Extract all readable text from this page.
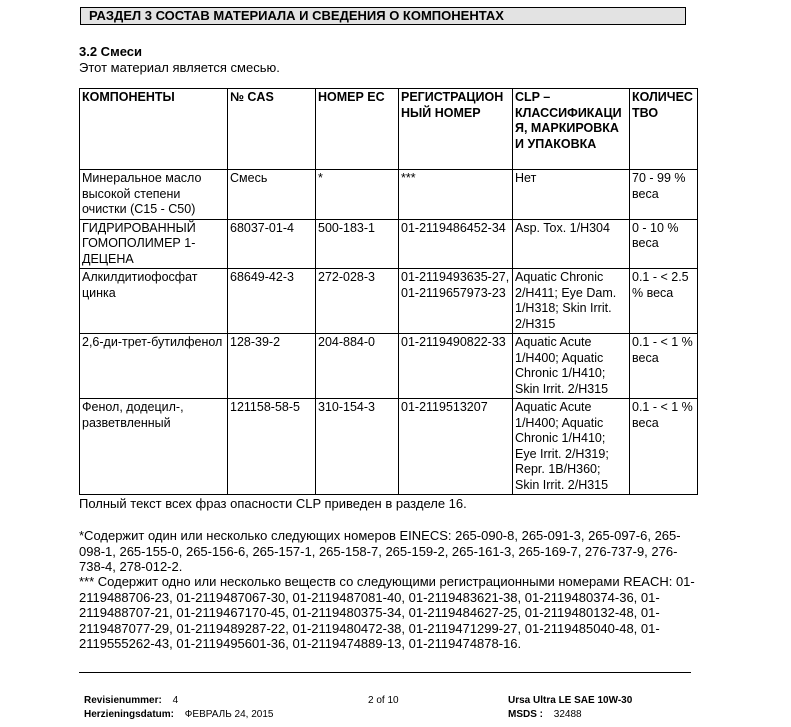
РАЗДЕЛ 3 СОСТАВ МАТЕРИАЛА И СВЕДЕНИЯ О КОМПОНЕНТАХ
3.2 Смеси
Этот материал является смесью.
КОМПОНЕНТЫ	№ CAS	НОМЕР ЕС	РЕГИСТРАЦИОННЫЙ НОМЕР	CLP – КЛАССИФИКАЦИЯ, МАРКИРОВКА И УПАКОВКА	КОЛИЧЕСТВО
Минеральное масло высокой степени очистки (C15 - C50)	Смесь	*	***	Нет	70 - 99 % веса
ГИДРИРОВАННЫЙ ГОМОПОЛИМЕР 1-ДЕЦЕНА	68037-01-4	500-183-1	01-2119486452-34	Asp. Tox. 1/H304	0 - 10 % веса
Алкилдитиофосфат цинка	68649-42-3	272-028-3	01-2119493635-27, 01-2119657973-23	Aquatic Chronic 2/H411; Eye Dam. 1/H318; Skin Irrit. 2/H315	0.1 - < 2.5 % веса
2,6-ди-трет-бутилфенол	128-39-2	204-884-0	01-2119490822-33	Aquatic Acute 1/H400; Aquatic Chronic 1/H410; Skin Irrit. 2/H315	0.1 - < 1 % веса
Фенол, додецил-, разветвленный	121158-58-5	310-154-3	01-2119513207	Aquatic Acute 1/H400; Aquatic Chronic 1/H410; Eye Irrit. 2/H319; Repr. 1B/H360; Skin Irrit. 2/H315	0.1 - < 1 % веса
Полный текст всех фраз опасности CLP приведен в разделе 16.
*Содержит один или несколько следующих номеров EINECS: 265-090-8, 265-091-3, 265-097-6, 265-098-1, 265-155-0, 265-156-6, 265-157-1, 265-158-7, 265-159-2, 265-161-3, 265-169-7, 276-737-9, 276-738-4, 278-012-2.
*** Содержит одно или несколько веществ со следующими регистрационными номерами REACH: 01-2119488706-23, 01-2119487067-30, 01-2119487081-40, 01-2119483621-38, 01-2119480374-36, 01-2119488707-21, 01-2119467170-45, 01-2119480375-34, 01-2119484627-25, 01-2119480132-48, 01-2119487077-29, 01-2119489287-22, 01-2119480472-38, 01-2119471299-27, 01-2119485040-48, 01-2119555262-43, 01-2119495601-36, 01-2119474889-13, 01-2119474878-16.
Revisienummer: 4
Herzieningsdatum: ФЕВРАЛЬ 24, 2015
2 of 10	Ursa Ultra LE SAE 10W-30
MSDS : 32488
